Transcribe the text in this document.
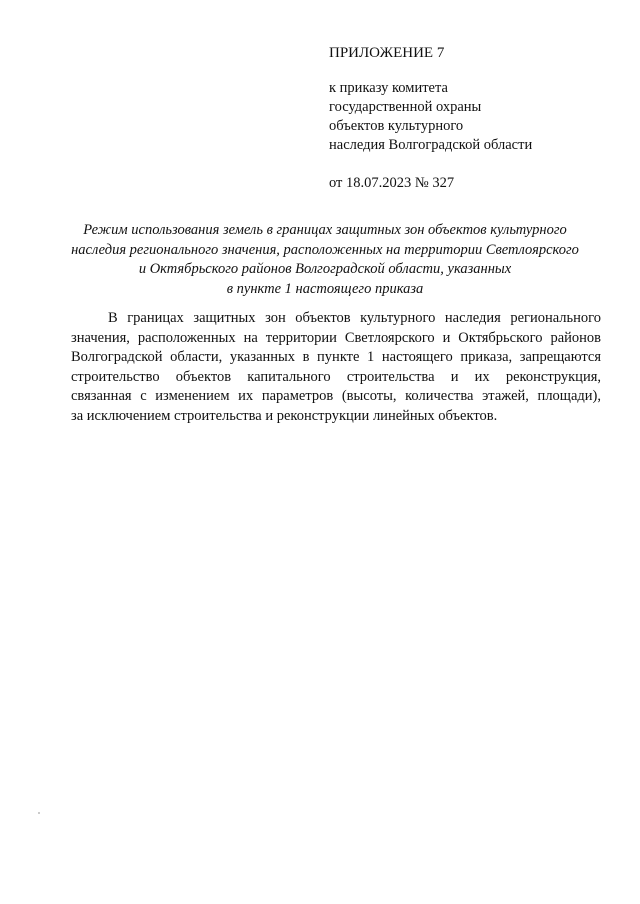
ПРИЛОЖЕНИЕ 7
к приказу комитета
государственной охраны
объектов культурного
наследия Волгоградской области
от 18.07.2023 № 327
Режим использования земель в границах защитных зон объектов культурного
наследия регионального значения, расположенных на территории Светлоярского
и Октябрьского районов Волгоградской области, указанных
в пункте 1 настоящего приказа
В границах защитных зон объектов культурного наследия регионального
значения, расположенных на территории Светлоярского и Октябрьского районов
Волгоградской области, указанных в пункте 1 настоящего приказа, запрещаются
строительство объектов капитального строительства и их реконструкция,
связанная с изменением их параметров (высоты, количества этажей, площади),
за исключением строительства и реконструкции линейных объектов.
